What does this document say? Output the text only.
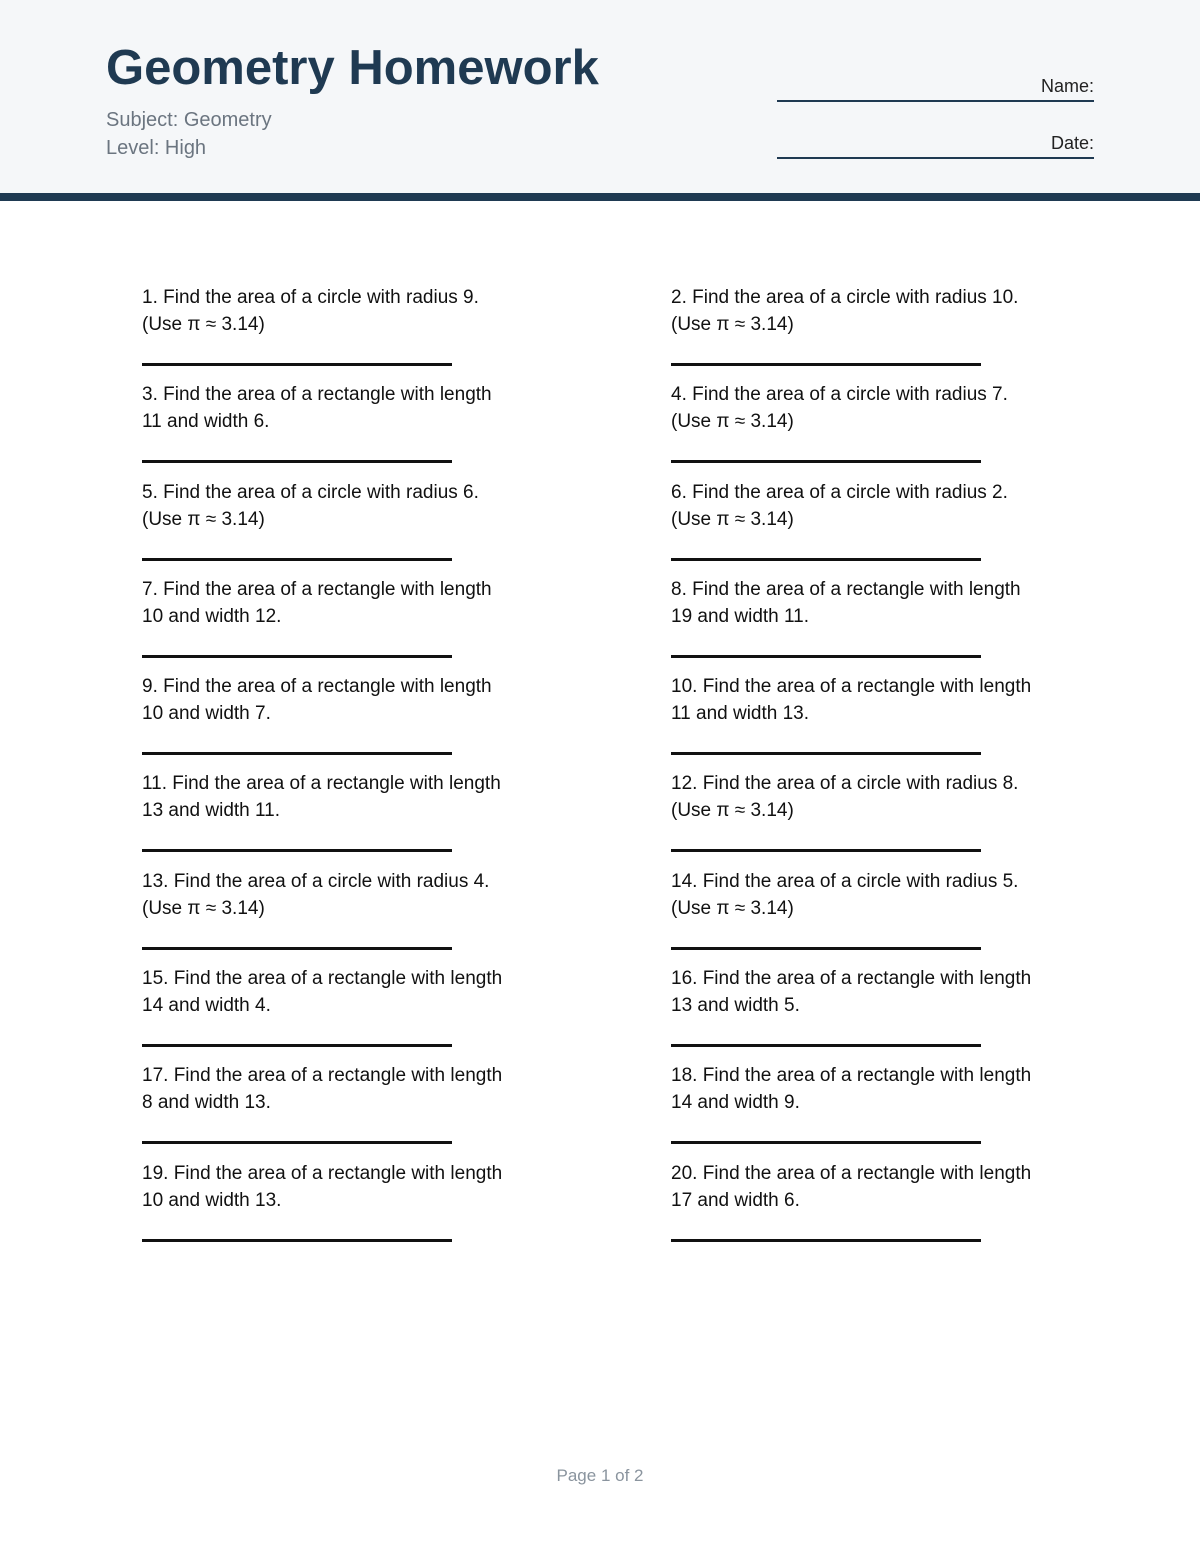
Geometry Homework
Subject: Geometry
Level: High
Name:
Date:

1. Find the area of a circle with radius 9.
(Use π ≈ 3.14)

2. Find the area of a circle with radius 10.
(Use π ≈ 3.14)

3. Find the area of a rectangle with length
11 and width 6.

4. Find the area of a circle with radius 7.
(Use π ≈ 3.14)

5. Find the area of a circle with radius 6.
(Use π ≈ 3.14)

6. Find the area of a circle with radius 2.
(Use π ≈ 3.14)

7. Find the area of a rectangle with length
10 and width 12.

8. Find the area of a rectangle with length
19 and width 11.

9. Find the area of a rectangle with length
10 and width 7.

10. Find the area of a rectangle with length
11 and width 13.

11. Find the area of a rectangle with length
13 and width 11.

12. Find the area of a circle with radius 8.
(Use π ≈ 3.14)

13. Find the area of a circle with radius 4.
(Use π ≈ 3.14)

14. Find the area of a circle with radius 5.
(Use π ≈ 3.14)

15. Find the area of a rectangle with length
14 and width 4.

16. Find the area of a rectangle with length
13 and width 5.

17. Find the area of a rectangle with length
8 and width 13.

18. Find the area of a rectangle with length
14 and width 9.

19. Find the area of a rectangle with length
10 and width 13.

20. Find the area of a rectangle with length
17 and width 6.

Page 1 of 2
